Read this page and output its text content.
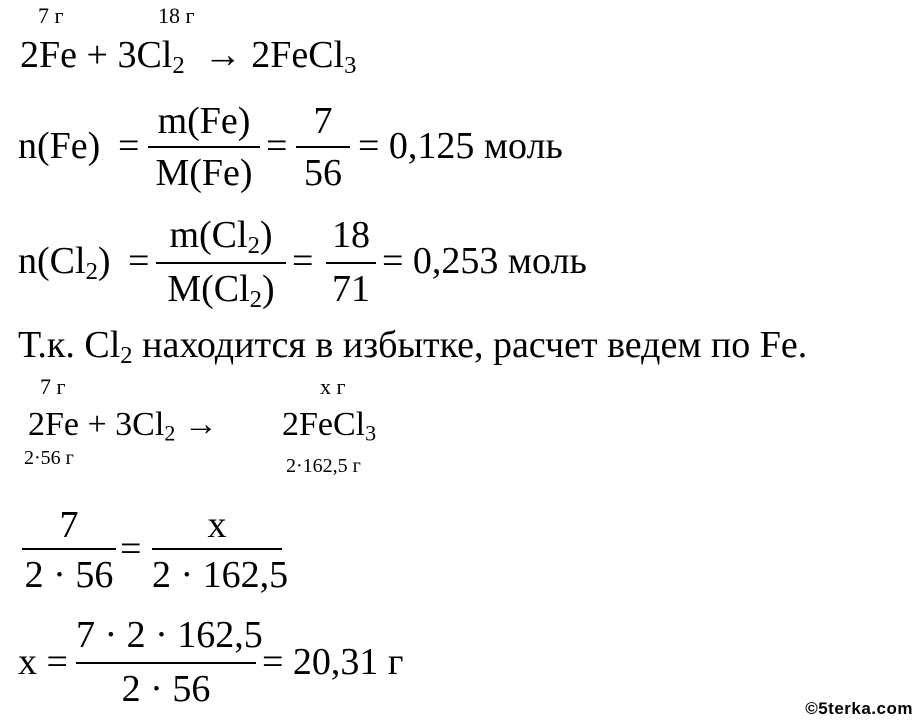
7 г	18 г
$2Fe + 3Cl_2$ → 2FeCl$_3$
n(Fe) =
m(Fe)
M(Fe)
=
7
56
= 0,125 моль
$n(Cl_2)$ =
$m(Cl_2)$
$M(Cl_2)$
=
18
71
= 0,253 моль
Т.к. $Cl_2$ находится в избытке, расчет ведем по Fe.
7 г	x г
$2Fe + 3Cl_2$ → 2FeCl$_3$
2·56 г	2·162,5 г
7
2 · 56
=
x
2 · 162,5
x =
7 · 2 · 162,5
2 · 56
= 20,31 г
©5terka.com
